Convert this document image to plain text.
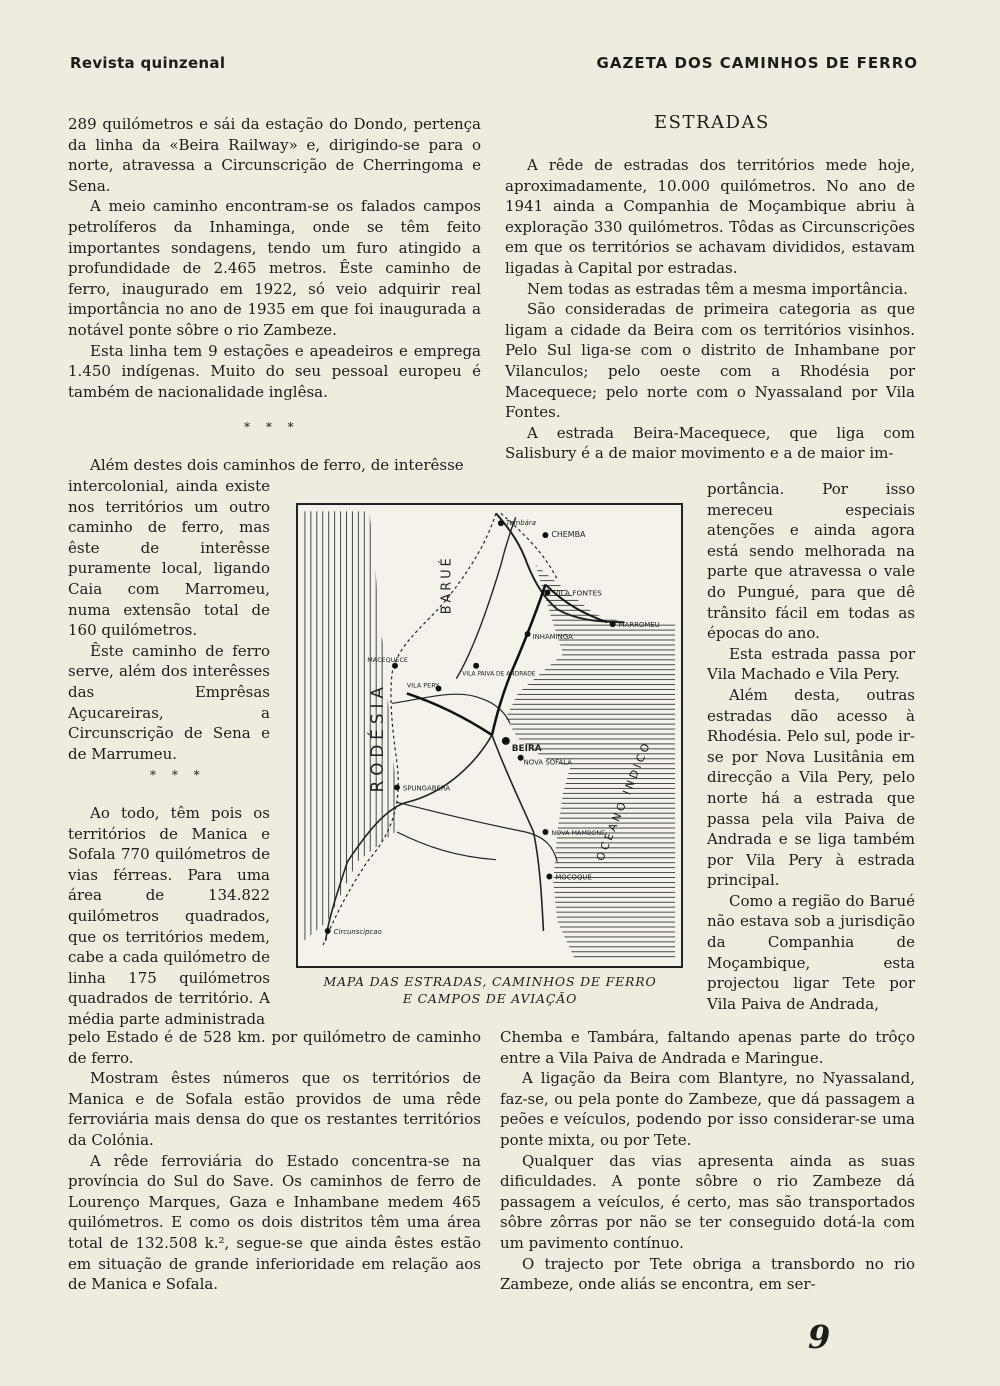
Revista quinzenal	GAZETA DOS CAMINHOS DE FERRO

289 quilómetros e sái da estação do Dondo, pertença da linha da «Beira Railway» e, dirigindo-se para o norte, atravessa a Circunscrição de Cherringoma e Sena.

A meio caminho encontram-se os falados campos petrolíferos da Inhaminga, onde se têm feito importantes sondagens, tendo um furo atingido a profundidade de 2.465 metros. Êste caminho de ferro, inaugurado em 1922, só veio adquirir real importância no ano de 1935 em que foi inaugurada a notável ponte sôbre o rio Zambeze.

Esta linha tem 9 estações e apeadeiros e emprega 1.450 indígenas. Muito do seu pessoal europeu é também de nacionalidade inglêsa.

* * *

Além destes dois caminhos de ferro, de interêsse

intercolonial, ainda existe nos territórios um outro caminho de ferro, mas êste de interêsse puramente local, ligando Caia com Marromeu, numa extensão total de 160 quilómetros.

Êste caminho de ferro serve, além dos interêsses das Emprêsas Açucareiras, a Circunscrição de Sena e de Marrumeu.

* * *

Ao todo, têm pois os territórios de Manica e Sofala 770 quilómetros de vias férreas. Para uma área de 134.822 quilómetros quadrados, que os territórios medem, cabe a cada quilómetro de linha 175 quilómetros quadrados de território. A média parte administrada

pelo Estado é de 528 km. por quilómetro de caminho de ferro.

Mostram êstes números que os territórios de Manica e de Sofala estão providos de uma rêde ferroviária mais densa do que os restantes territórios da Colónia.

A rêde ferroviária do Estado concentra-se na província do Sul do Save. Os caminhos de ferro de Lourenço Marques, Gaza e Inhambane medem 465 quilómetros. E como os dois distritos têm uma área total de 132.508 k.², segue-se que ainda êstes estão em situação de grande inferioridade em relação aos de Manica e Sofala.

ESTRADAS

A rêde de estradas dos territórios mede hoje, aproximadamente, 10.000 quilómetros. No ano de 1941 ainda a Companhia de Moçambique abriu à exploração 330 quilómetros. Tôdas as Circunscrições em que os territórios se achavam divididos, estavam ligadas à Capital por estradas.

Nem todas as estradas têm a mesma importância.

São consideradas de primeira categoria as que ligam a cidade da Beira com os territórios visinhos. Pelo Sul liga-se com o distrito de Inhambane por Vilanculos; pelo oeste com a Rhodésia por Macequece; pelo norte com o Nyassaland por Vila Fontes.

A estrada Beira-Macequece, que liga com Salisbury é a de maior movimento e a de maior im-

portância. Por isso mereceu especiais atenções e ainda agora está sendo melhorada na parte que atravessa o vale do Pungué, para que dê trânsito fácil em todas as épocas do ano.

Esta estrada passa por Vila Machado e Vila Pery.

Além desta, outras estradas dão acesso à Rhodésia. Pelo sul, pode ir-se por Nova Lusitânia em direcção a Vila Pery, pelo norte há a estrada que passa pela vila Paiva de Andrada e se liga também por Vila Pery à estrada principal.

Como a região do Barué não estava sob a jurisdição da Companhia de Moçambique, esta projectou ligar Tete por Vila Paiva de Andrada,

Chemba e Tambára, faltando apenas parte do trôço entre a Vila Paiva de Andrada e Maringue.

A ligação da Beira com Blantyre, no Nyassaland, faz-se, ou pela ponte do Zambeze, que dá passagem a peões e veículos, podendo por isso considerar-se uma ponte mixta, ou por Tete.

Qualquer das vias apresenta ainda as suas dificuldades. A ponte sôbre o rio Zambeze dá passagem a veículos, é certo, mas são transportados sôbre zôrras por não se ter conseguido dotá-la com um pavimento contínuo.

O trajecto por Tete obriga a transbordo no rio Zambeze, onde aliás se encontra, em ser-

Tambára
CHEMBA
VILA FONTES
MARROMEU
INHAMINGA
VILA PAIVA DE ANDRADE
MACEQUECE
VILA PERY
BEIRA
NOVA SOFALA
SPUNGABERA
NOVA MAMBONE
MOCOQUE
Circunscipcao
BARUÉ
RODÉSIA
OCEANO INDICO
MAPA DAS ESTRADAS, CAMINHOS DE FERRO
E CAMPOS DE AVIAÇÃO
9
